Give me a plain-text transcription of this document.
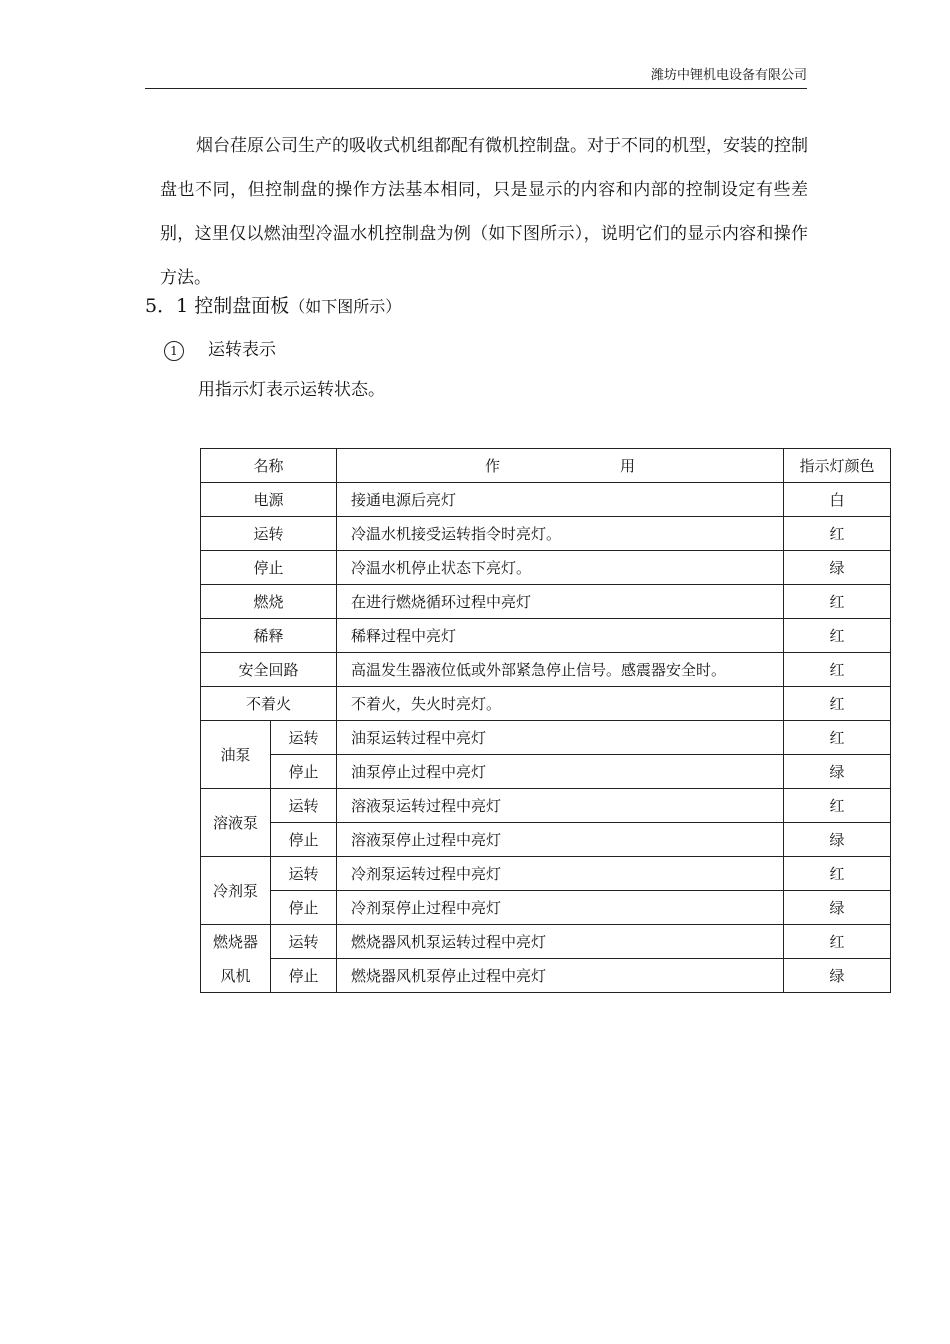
潍坊中锂机电设备有限公司
烟台荏原公司生产的吸收式机组都配有微机控制盘。对于不同的机型，安装的控制盘也不同，但控制盘的操作方法基本相同，只是显示的内容和内部的控制设定有些差别，这里仅以燃油型冷温水机控制盘为例（如下图所示），说明它们的显示内容和操作方法。
5．1 控制盘面板（如下图所示）
1 运转表示
用指示灯表示运转状态。
名称		作 用	指示灯颜色
电源		接通电源后亮灯	白
运转		冷温水机接受运转指令时亮灯。	红
停止		冷温水机停止状态下亮灯。	绿
燃烧		在进行燃烧循环过程中亮灯	红
稀释		稀释过程中亮灯	红
安全回路		高温发生器液位低或外部紧急停止信号。感震器安全时。	红
不着火		不着火，失火时亮灯。	红
油泵	运转	油泵运转过程中亮灯	红
	停止	油泵停止过程中亮灯	绿
溶液泵	运转	溶液泵运转过程中亮灯	红
	停止	溶液泵停止过程中亮灯	绿
冷剂泵	运转	冷剂泵运转过程中亮灯	红
	停止	冷剂泵停止过程中亮灯	绿
燃烧器	运转	燃烧器风机泵运转过程中亮灯	红
风机	停止	燃烧器风机泵停止过程中亮灯	绿
